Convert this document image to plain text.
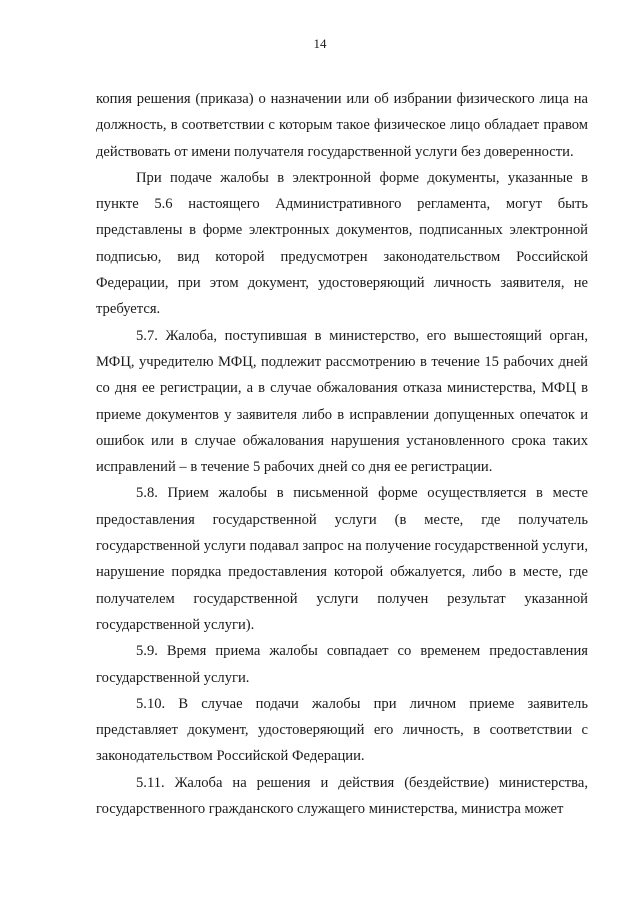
14

копия решения (приказа) о назначении или об избрании физического лица на должность, в соответствии с которым такое физическое лицо обладает правом действовать от имени получателя государственной услуги без доверенности.

При подаче жалобы в электронной форме документы, указанные в пункте 5.6 настоящего Административного регламента, могут быть представлены в форме электронных документов, подписанных электронной подписью, вид которой предусмотрен законодательством Российской Федерации, при этом документ, удостоверяющий личность заявителя, не требуется.

5.7. Жалоба, поступившая в министерство, его вышестоящий орган, МФЦ, учредителю МФЦ, подлежит рассмотрению в течение 15 рабочих дней со дня ее регистрации, а в случае обжалования отказа министерства, МФЦ в приеме документов у заявителя либо в исправлении допущенных опечаток и ошибок или в случае обжалования нарушения установленного срока таких исправлений – в течение 5 рабочих дней со дня ее регистрации.

5.8. Прием жалобы в письменной форме осуществляется в месте предоставления государственной услуги (в месте, где получатель государственной услуги подавал запрос на получение государственной услуги, нарушение порядка предоставления которой обжалуется, либо в месте, где получателем государственной услуги получен результат указанной государственной услуги).

5.9. Время приема жалобы совпадает со временем предоставления государственной услуги.

5.10. В случае подачи жалобы при личном приеме заявитель представляет документ, удостоверяющий его личность, в соответствии с законодательством Российской Федерации.

5.11. Жалоба на решения и действия (бездействие) министерства, государственного гражданского служащего министерства, министра может
